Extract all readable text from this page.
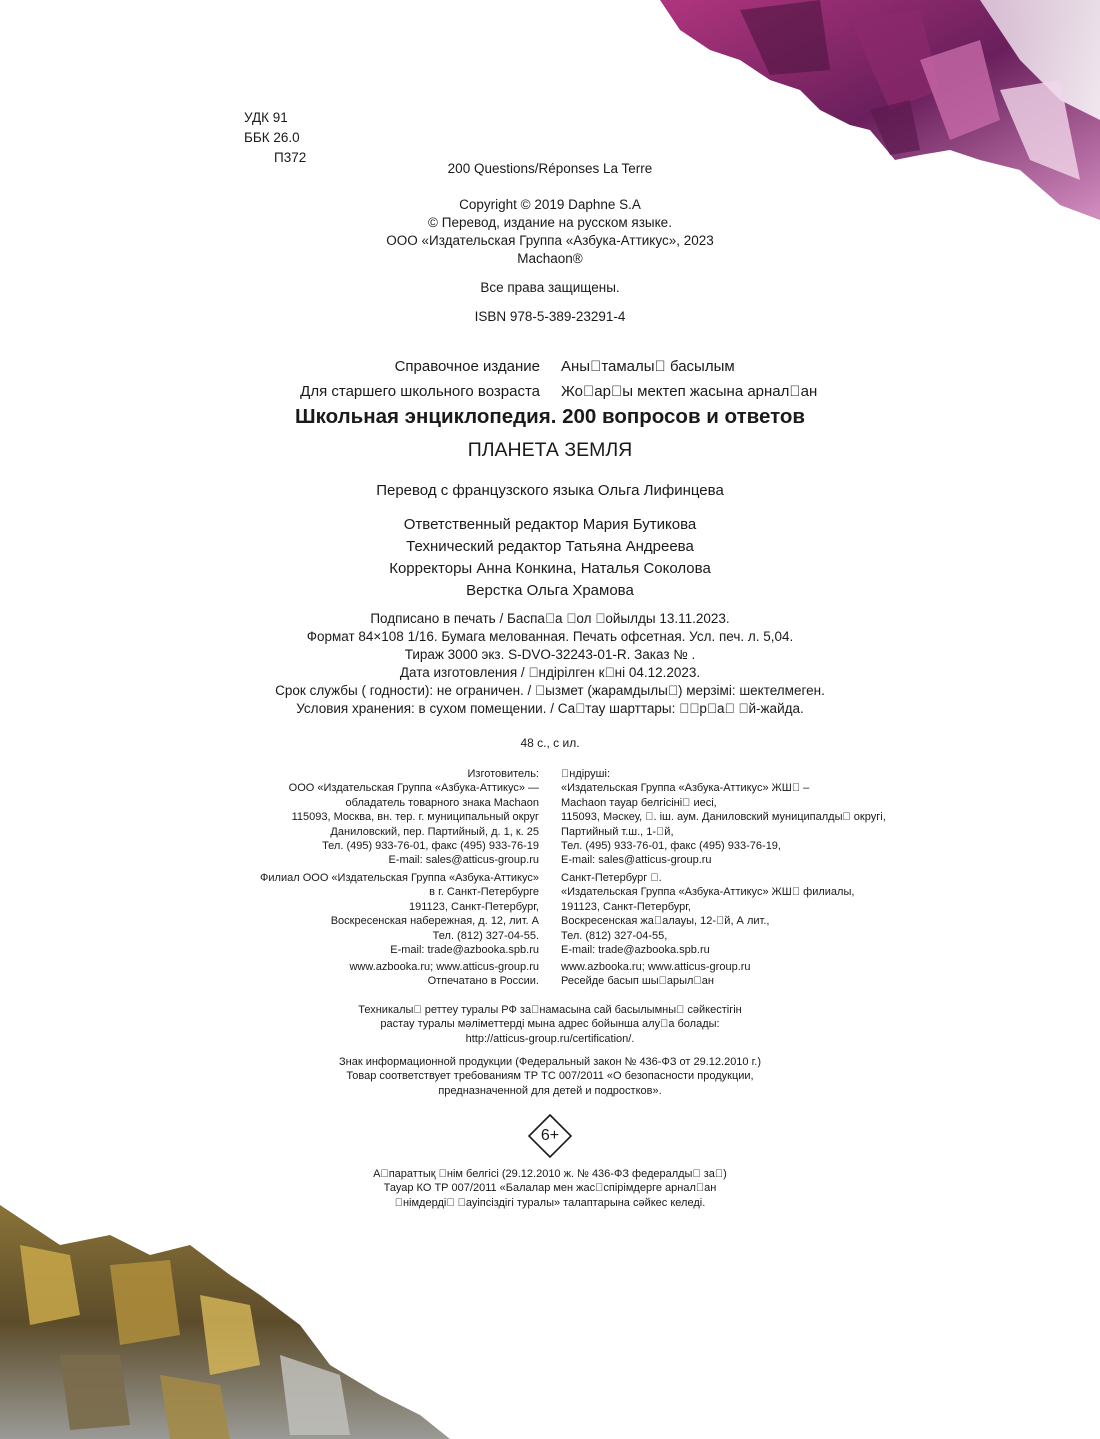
УДК 91
ББК 26.0
П372
200 Questions/Réponses La Terre
Copyright © 2019 Daphne S.A
© Перевод, издание на русском языке.
ООО «Издательская Группа «Азбука-Аттикус», 2023
Machaon®
Все права защищены.
ISBN 978-5-389-23291-4
Справочное издание Аны тамалы  басылым
Для старшего школьного возраста Жо ар ы мектеп жасына арнал ан
Школьная энциклопедия. 200 вопросов и ответов
ПЛАНЕТА ЗЕМЛЯ
Перевод с французского языка Ольга Лифинцева
Ответственный редактор Мария Бутикова
Технический редактор Татьяна Андреева
Корректоры Анна Конкина, Наталья Соколова
Верстка Ольга Храмова
Подписано в печать / Баспа а  ол  ойылды 13.11.2023.
Формат 84×108 1/16. Бумага мелованная. Печать офсетная. Усл. печ. л. 5,04.
Тираж 3000 экз. S-DVO-32243-01-R. Заказ № .
Дата изготовления /  ндірілген к ні 04.12.2023.
Срок службы ( годности): не ограничен. /  ызмет (жарамдылы ) мерзімі: шектелмеген.
Условия хранения: в сухом помещении. / Са тау шарттары:   р а   й-жайда.
48 с., с ил.
Изготовитель:
ООО «Издательская Группа «Азбука-Аттикус» —
обладатель товарного знака Machaon
115093, Москва, вн. тер. г. муниципальный округ
Даниловский, пер. Партийный, д. 1, к. 25
Тел. (495) 933-76-01, факс (495) 933-76-19
E-mail: sales@atticus-group.ru
 ндіруші:
«Издательская Группа «Азбука-Аттикус» ЖШ  –
Machaon тауар белгісіні  иесі,
115093, Мәскеу,  . іш. аум. Даниловский муниципалды  округі,
Партийный т.ш., 1- й,
Тел. (495) 933-76-01, факс (495) 933-76-19,
E-mail: sales@atticus-group.ru
Филиал ООО «Издательская Группа «Азбука-Аттикус»
в г. Санкт-Петербурге
191123, Санкт-Петербург,
Воскресенская набережная, д. 12, лит. А
Тел. (812) 327-04-55.
E-mail: trade@azbooka.spb.ru
Санкт-Петербург  .
«Издательская Группа «Азбука-Аттикус» ЖШ  филиалы,
191123, Санкт-Петербург,
Воскресенская жа алауы, 12- й, А лит.,
Тел. (812) 327-04-55,
E-mail: trade@azbooka.spb.ru
www.azbooka.ru; www.atticus-group.ru
Отпечатано в России.
www.azbooka.ru; www.atticus-group.ru
Ресейде басып шы арыл ан
Техникалы  реттеу туралы РФ за намасына сай басылымны  сәйкестігін
растау туралы мәліметтерді мына адрес бойынша алу а болады:
http://atticus-group.ru/certification/.
Знак информационной продукции (Федеральный закон № 436-ФЗ от 29.12.2010 г.)
Товар соответствует требованиям ТР ТС 007/2011 «О безопасности продукции,
предназначенной для детей и подростков».
6+
А параттық  нім белгісі (29.12.2010 ж. № 436-ФЗ федералды  за )
Тауар КО ТР 007/2011 «Балалар мен жас спірімдерге арнал ан
 німдерді   ауіпсіздігі туралы» талаптарына сәйкес келеді.
